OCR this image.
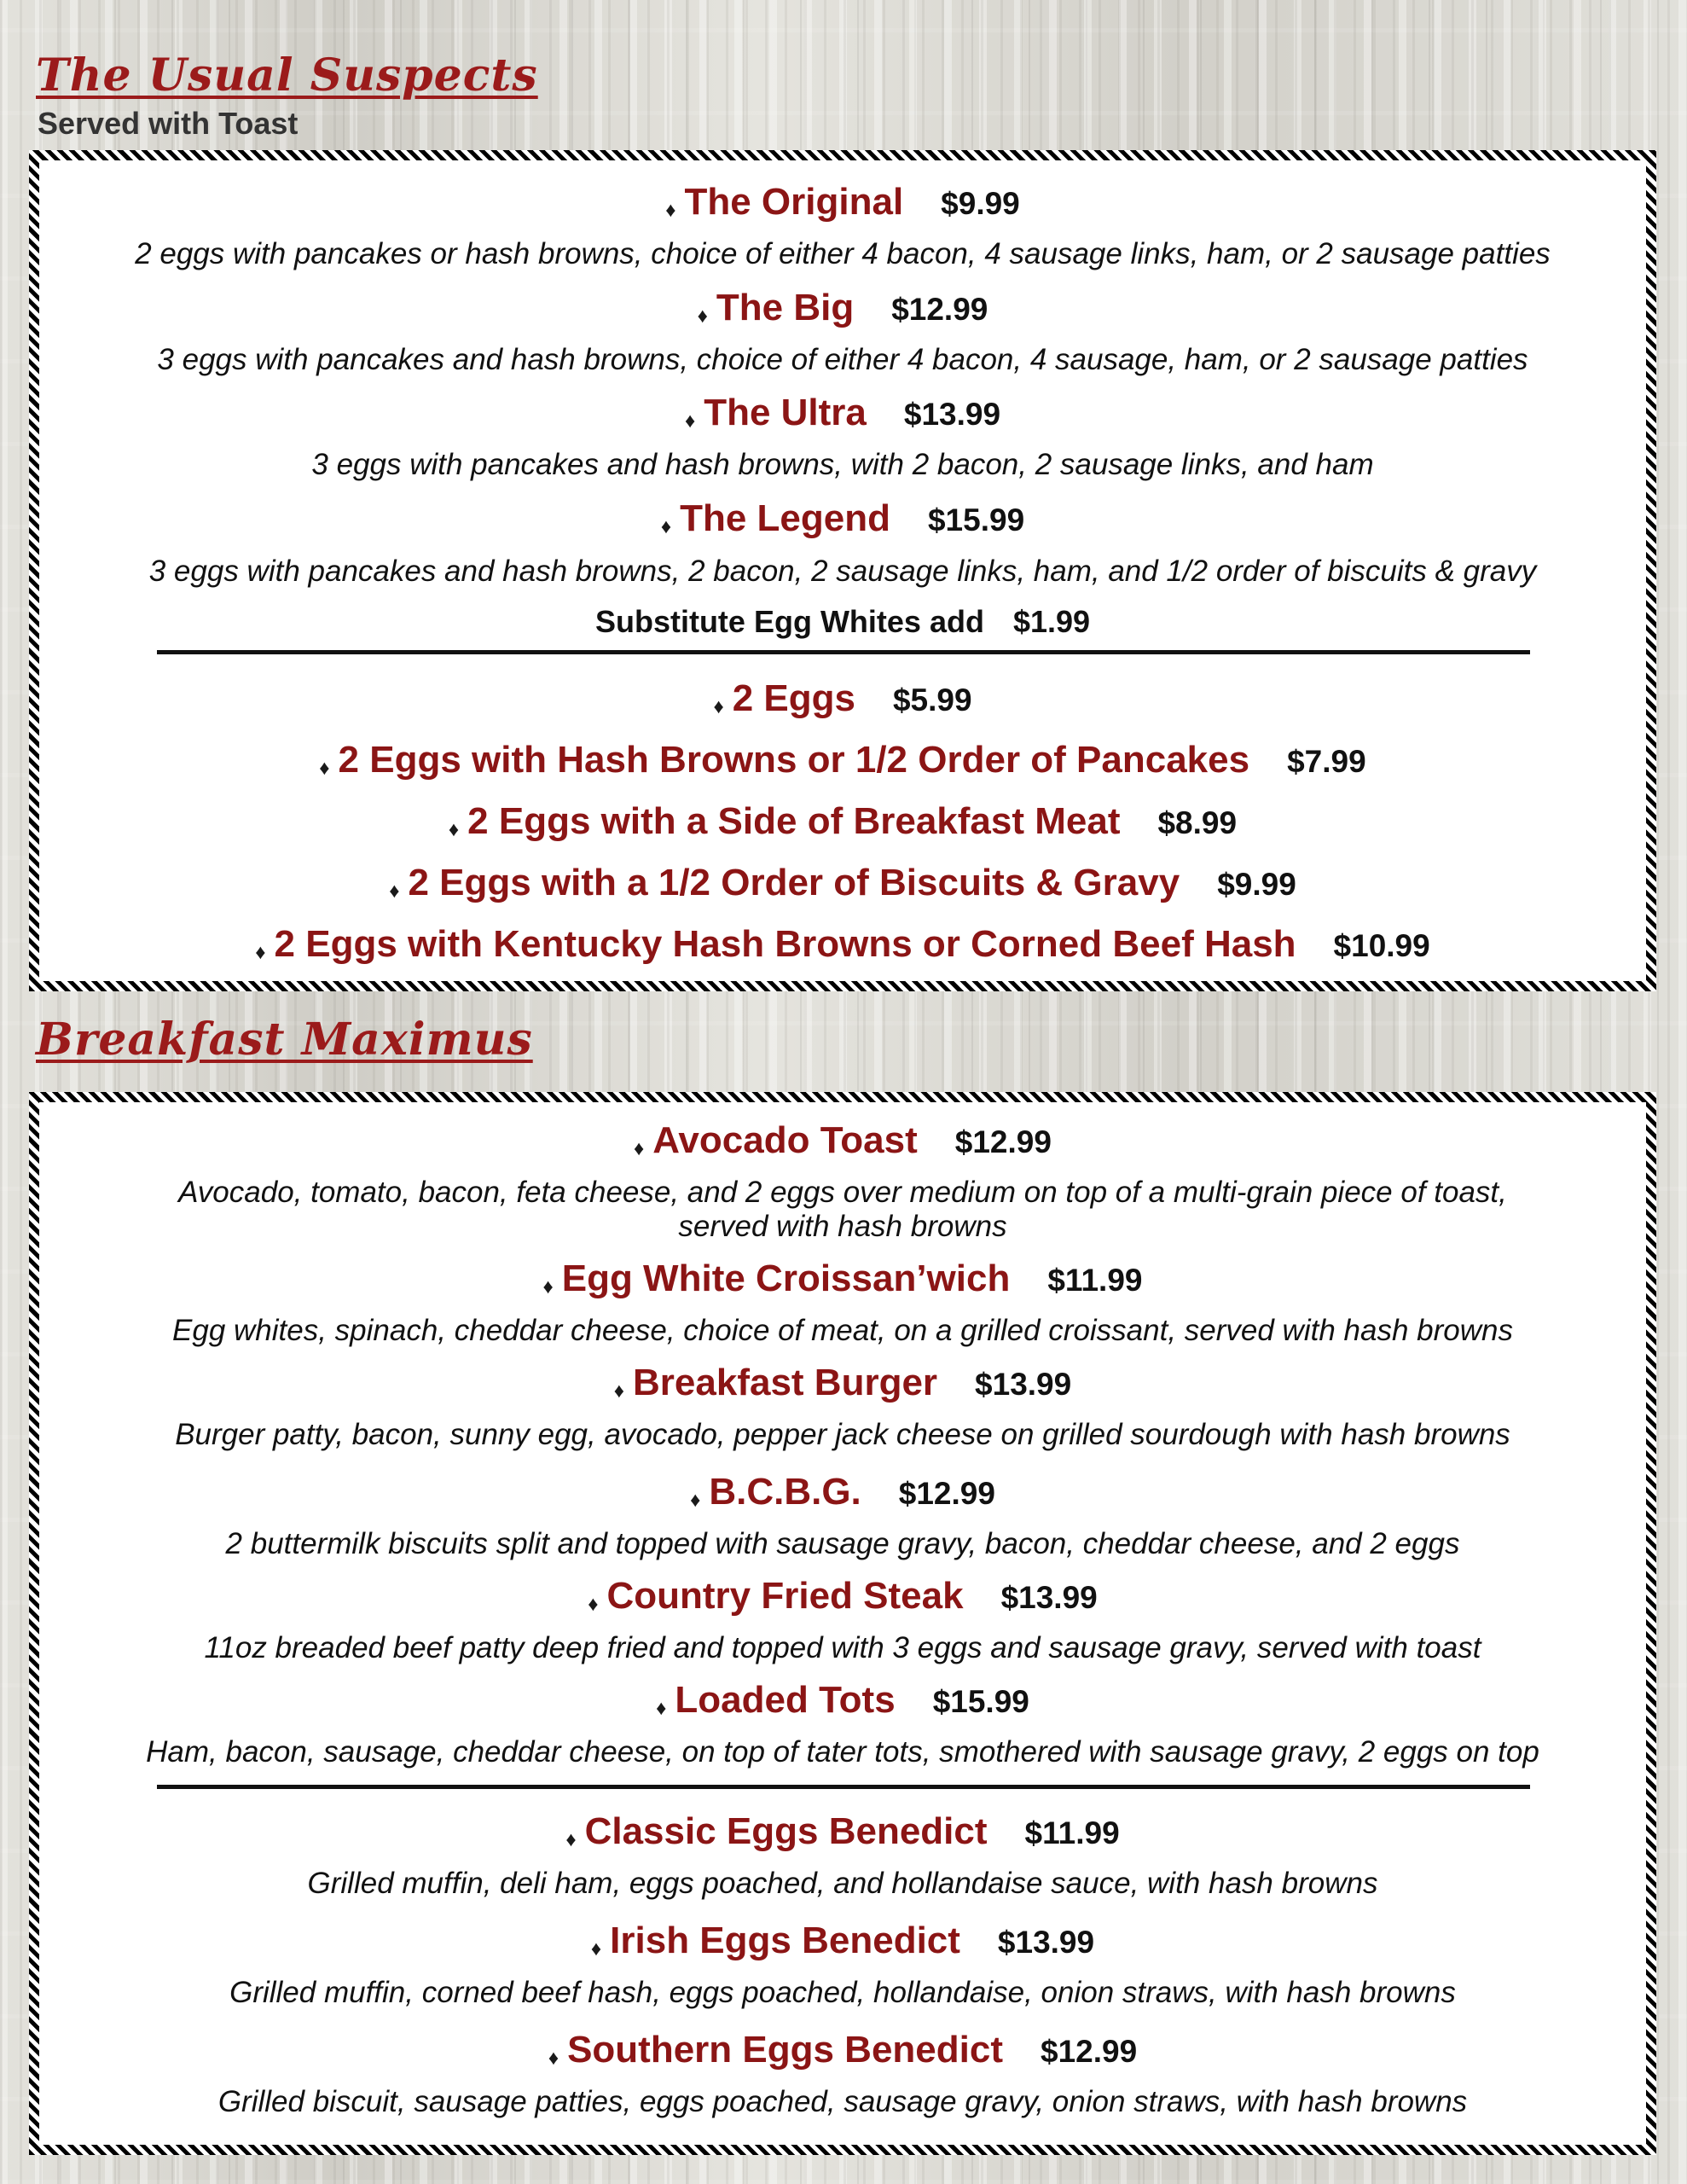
The Usual Suspects
Served with Toast
♦ The Original $9.99
2 eggs with pancakes or hash browns, choice of either 4 bacon, 4 sausage links, ham, or 2 sausage patties
♦ The Big $12.99
3 eggs with pancakes and hash browns, choice of either 4 bacon, 4 sausage, ham, or 2 sausage patties
♦ The Ultra $13.99
3 eggs with pancakes and hash browns, with 2 bacon, 2 sausage links, and ham
♦ The Legend $15.99
3 eggs with pancakes and hash browns, 2 bacon, 2 sausage links, ham, and 1/2 order of biscuits & gravy
Substitute Egg Whites add $1.99
♦ 2 Eggs $5.99
♦ 2 Eggs with Hash Browns or 1/2 Order of Pancakes $7.99
♦ 2 Eggs with a Side of Breakfast Meat $8.99
♦ 2 Eggs with a 1/2 Order of Biscuits & Gravy $9.99
♦ 2 Eggs with Kentucky Hash Browns or Corned Beef Hash $10.99
Breakfast Maximus
♦ Avocado Toast $12.99
Avocado, tomato, bacon, feta cheese, and 2 eggs over medium on top of a multi-grain piece of toast,
served with hash browns
♦ Egg White Croissan’wich $11.99
Egg whites, spinach, cheddar cheese, choice of meat, on a grilled croissant, served with hash browns
♦ Breakfast Burger $13.99
Burger patty, bacon, sunny egg, avocado, pepper jack cheese on grilled sourdough with hash browns
♦ B.C.B.G. $12.99
2 buttermilk biscuits split and topped with sausage gravy, bacon, cheddar cheese, and 2 eggs
♦ Country Fried Steak $13.99
11oz breaded beef patty deep fried and topped with 3 eggs and sausage gravy, served with toast
♦ Loaded Tots $15.99
Ham, bacon, sausage, cheddar cheese, on top of tater tots, smothered with sausage gravy, 2 eggs on top
♦ Classic Eggs Benedict $11.99
Grilled muffin, deli ham, eggs poached, and hollandaise sauce, with hash browns
♦ Irish Eggs Benedict $13.99
Grilled muffin, corned beef hash, eggs poached, hollandaise, onion straws, with hash browns
♦ Southern Eggs Benedict $12.99
Grilled biscuit, sausage patties, eggs poached, sausage gravy, onion straws, with hash browns
